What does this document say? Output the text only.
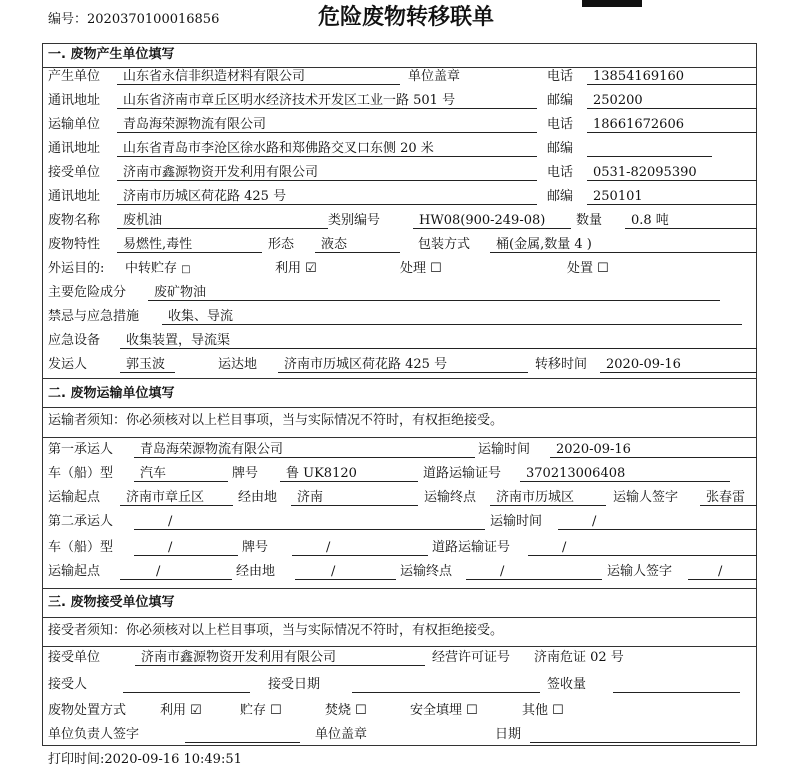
编号：2020370100016856	危险废物转移联单
一. 废物产生单位填写
产生单位	山东省永信非织造材料有限公司	单位盖章	电话	13854169160
通讯地址	山东省济南市章丘区明水经济技术开发区工业一路 501 号	邮编	250200
运输单位	青岛海荣源物流有限公司	电话	18661672606
通讯地址	山东省青岛市李沧区徐水路和郑佛路交叉口东侧 20 米	邮编
接受单位	济南市鑫源物资开发利用有限公司	电话	0531-82095390
通讯地址	济南市历城区荷花路 425 号	邮编	250101
废物名称	废机油	类别编号	HW08(900-249-08)	数量	0.8 吨
废物特性	易燃性,毒性	形态	液态	包装方式	桶(金属,数量 4 )
外运目的: 中转贮存 □	利用 ☑	处理 ☐	处置 ☐
主要危险成分	废矿物油
禁忌与应急措施	收集、导流
应急设备	收集装置，导流渠
发运人	郭玉波	运达地	济南市历城区荷花路 425 号	转移时间	2020-09-16
二. 废物运输单位填写
运输者须知：你必须核对以上栏目事项，当与实际情况不符时，有权拒绝接受。
第一承运人	青岛海荣源物流有限公司	运输时间	2020-09-16
车（船）型	汽车	牌号	鲁 UK8120	道路运输证号	370213006408
运输起点	济南市章丘区	经由地	济南	运输终点	济南市历城区	运输人签字	张春雷
第二承运人	/	运输时间	/
车（船）型	/	牌号	/	道路运输证号	/
运输起点	/	经由地	/	运输终点	/	运输人签字	/
三. 废物接受单位填写
接受者须知：你必须核对以上栏目事项，当与实际情况不符时，有权拒绝接受。
接受单位	济南市鑫源物资开发利用有限公司	经营许可证号	济南危证 02 号
接受人	接受日期	签收量
废物处置方式	利用 ☑	贮存 ☐	焚烧 ☐	安全填埋 ☐	其他 ☐
单位负责人签字	单位盖章	日期
打印时间:2020-09-16 10:49:51
